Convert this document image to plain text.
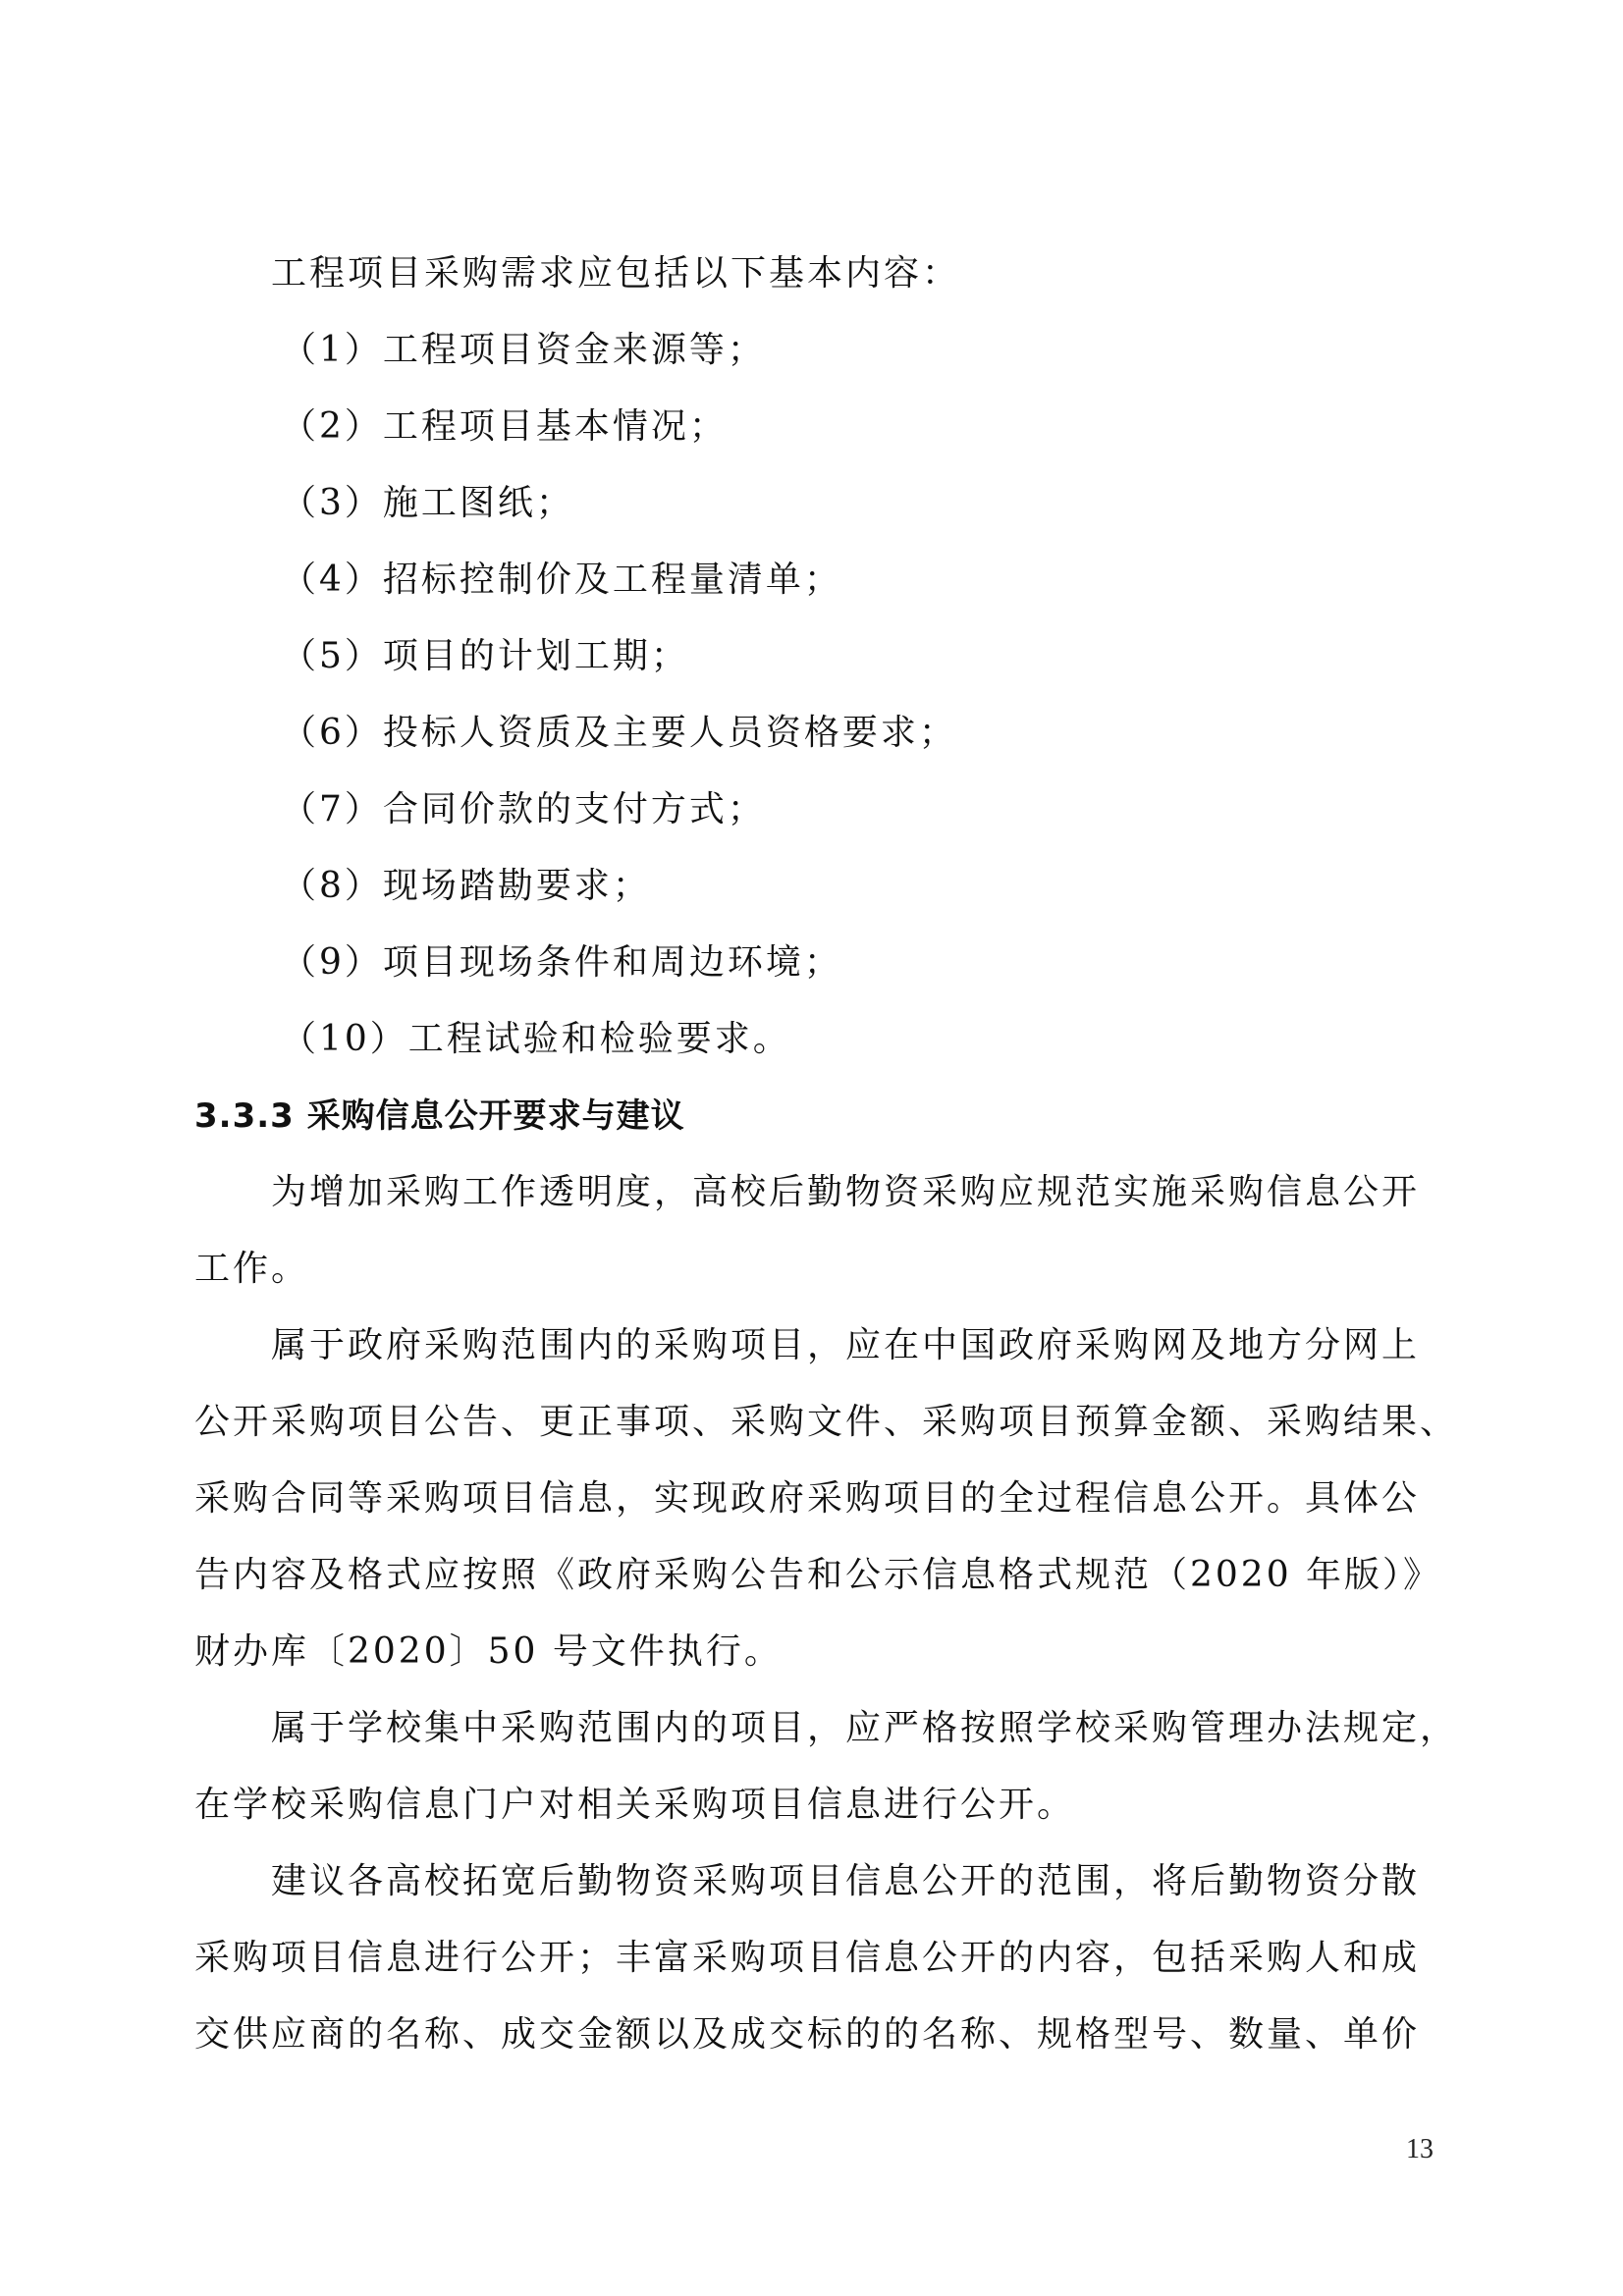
工程项目采购需求应包括以下基本内容：

（1）工程项目资金来源等；

（2）工程项目基本情况；

（3）施工图纸；

（4）招标控制价及工程量清单；

（5）项目的计划工期；

（6）投标人资质及主要人员资格要求；

（7）合同价款的支付方式；

（8）现场踏勘要求；

（9）项目现场条件和周边环境；

（10）工程试验和检验要求。

3.3.3 采购信息公开要求与建议
为增加采购工作透明度，高校后勤物资采购应规范实施采购信息公开
工作。
属于政府采购范围内的采购项目，应在中国政府采购网及地方分网上
公开采购项目公告、更正事项、采购文件、采购项目预算金额、采购结果、
采购合同等采购项目信息，实现政府采购项目的全过程信息公开。具体公
告内容及格式应按照《政府采购公告和公示信息格式规范（2020 年版）》
财办库〔2020〕50 号文件执行。
属于学校集中采购范围内的项目，应严格按照学校采购管理办法规定，
在学校采购信息门户对相关采购项目信息进行公开。
建议各高校拓宽后勤物资采购项目信息公开的范围，将后勤物资分散
采购项目信息进行公开；丰富采购项目信息公开的内容，包括采购人和成
交供应商的名称、成交金额以及成交标的的名称、规格型号、数量、单价
13
